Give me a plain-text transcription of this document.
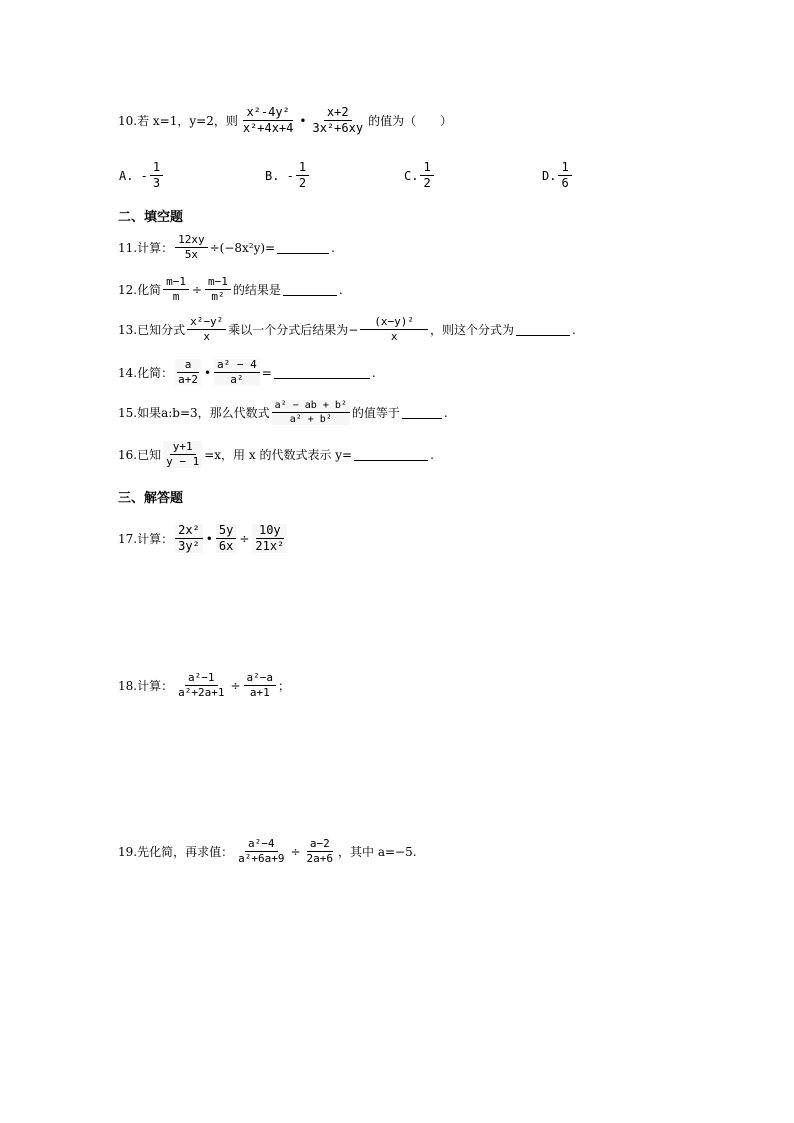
10.若 x=1，y=2，则 $\frac{\text{x²-4y²}}{\text{x²+4x+4}}$ • $\frac{x+2}{\text{3x²+6xy}}$ 的值为（　　）
A. - $\frac{1}{3}$	B. - $\frac{1}{2}$	C. $\frac{1}{2}$	D. $\frac{1}{6}$
二、填空题
11.计算： $\frac{12xy}{5x} \div(-8x^2y)=$	.
12.化简 $\frac{m-1}{m} \div \frac{m-1}{\text{m²}}$ 的结果是	.
13.已知分式 $\frac{\text{x²−y²}}{x}$ 乘以一个分式后结果为− $\frac{\text{(x−y)²}}{x}$ ，则这个分式为	.
14.化简： $\frac{a}{a+2}$ • $\frac{\text{a² − 4}}{\text{a²}}$ =	.
15.如果a:b=3，那么代数式 $\frac{\text{a² − ab + b²}}{\text{a² + b²}}$ 的值等于	.
16.已知 $\frac{y+1}{y - 1} =x$，用 x 的代数式表示 y=	.
三、解答题
17.计算： $\frac{\text{2x²}}{\text{3y²}}$ • $\frac{5y}{6x} \div \frac{10y}{\text{21x²}}$
18.计算： $\frac{\text{a²−1}}{\text{a²+2a+1}} \div \frac{\text{a²−a}}{a+1}$ ；
19.先化简，再求值： $\frac{\text{a²−4}}{\text{a²+6a+9}} \div \frac{a-2}{2a+6}$ ，其中 a=−5.
